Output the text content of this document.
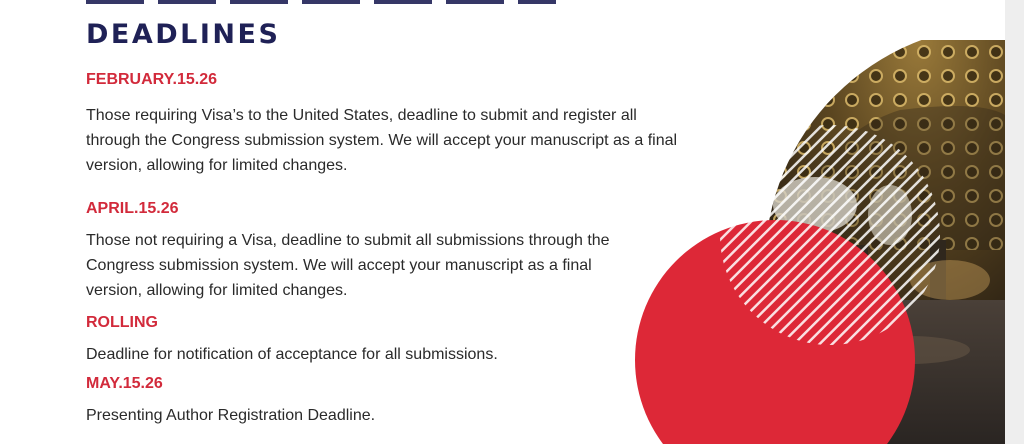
DEADLINES
FEBRUARY.15.26
Those requiring Visa’s to the United States, deadline to submit and register all
through the Congress submission system. We will accept your manuscript as a final
version, allowing for limited changes.
APRIL.15.26
Those not requiring a Visa, deadline to submit all submissions through the
Congress submission system. We will accept your manuscript as a final
version, allowing for limited changes.
ROLLING
Deadline for notification of acceptance for all submissions.
MAY.15.26
Presenting Author Registration Deadline.
